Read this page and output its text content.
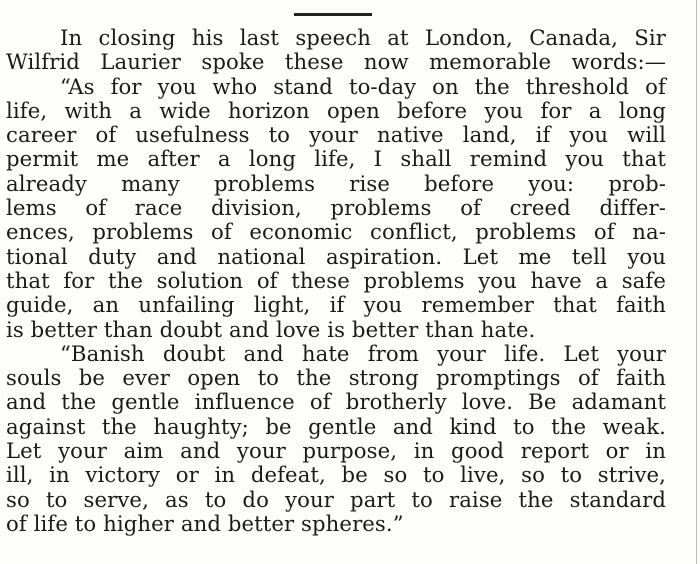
In closing his last speech at London, Canada, Sir
Wilfrid Laurier spoke these now memorable words:—
“As for you who stand to-day on the threshold of
life, with a wide horizon open before you for a long
career of usefulness to your native land, if you will
permit me after a long life, I shall remind you that
already many problems rise before you: prob-
lems of race division, problems of creed differ-
ences, problems of economic conflict, problems of na-
tional duty and national aspiration. Let me tell you
that for the solution of these problems you have a safe
guide, an unfailing light, if you remember that faith
is better than doubt and love is better than hate.
“Banish doubt and hate from your life. Let your
souls be ever open to the strong promptings of faith
and the gentle influence of brotherly love. Be adamant
against the haughty; be gentle and kind to the weak.
Let your aim and your purpose, in good report or in
ill, in victory or in defeat, be so to live, so to strive,
so to serve, as to do your part to raise the standard
of life to higher and better spheres.”
